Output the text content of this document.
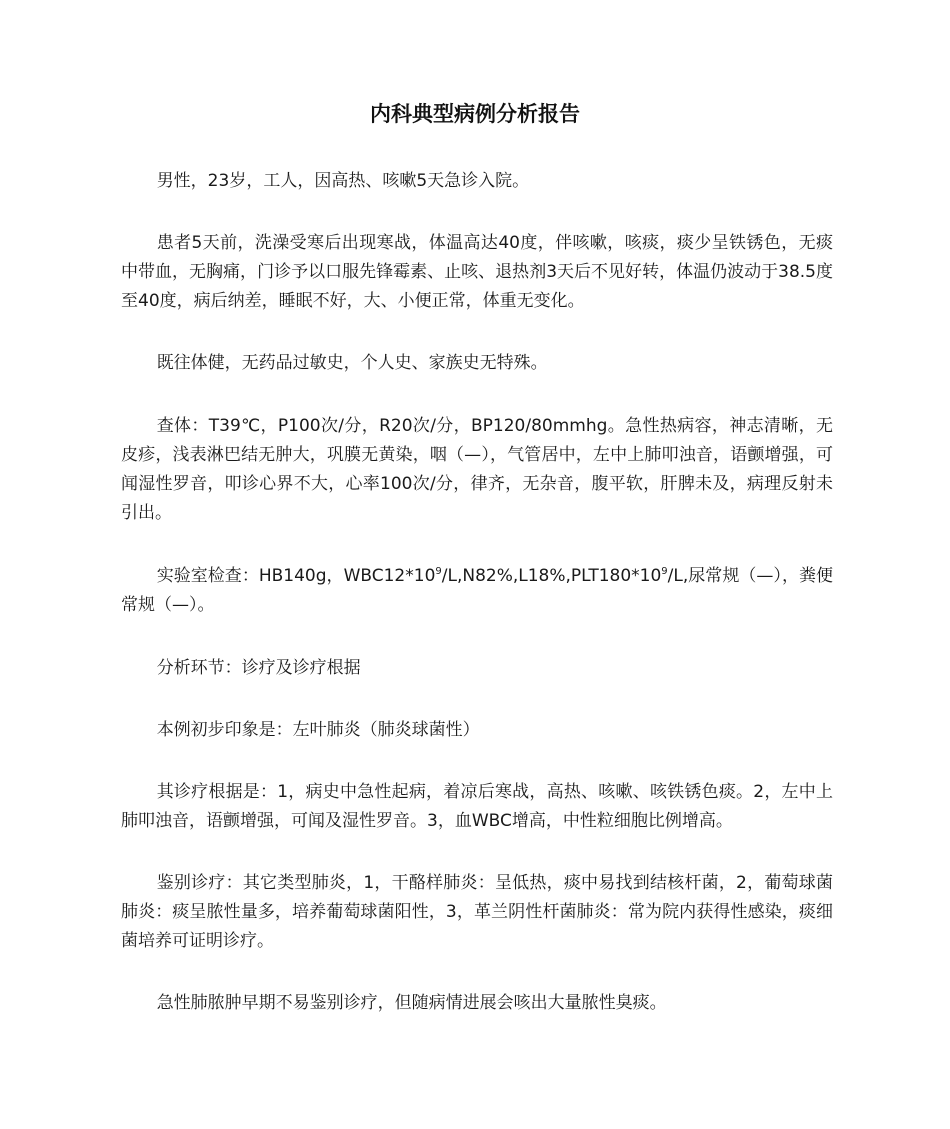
内科典型病例分析报告

男性，23岁，工人，因高热、咳嗽5天急诊入院。

患者5天前，洗澡受寒后出现寒战，体温高达40度，伴咳嗽，咳痰，痰少呈铁锈色，无痰中带血，无胸痛，门诊予以口服先锋霉素、止咳、退热剂3天后不见好转，体温仍波动于38.5度至40度，病后纳差，睡眠不好，大、小便正常，体重无变化。

既往体健，无药品过敏史，个人史、家族史无特殊。

查体：T39℃，P100次/分，R20次/分，BP120/80mmhg。急性热病容，神志清晰，无皮疹，浅表淋巴结无肿大，巩膜无黄染，咽（—），气管居中，左中上肺叩浊音，语颤增强，可闻湿性罗音，叩诊心界不大，心率100次/分，律齐，无杂音，腹平软，肝脾未及，病理反射未引出。

实验室检查：HB140g，$WBC12*10^9/L,N82\%,L18\%,PLT180*10^9/L$,尿常规（—），粪便常规（—）。

分析环节：诊疗及诊疗根据

本例初步印象是：左叶肺炎（肺炎球菌性）

其诊疗根据是：1，病史中急性起病，着凉后寒战，高热、咳嗽、咳铁锈色痰。2，左中上肺叩浊音，语颤增强，可闻及湿性罗音。3，血WBC增高，中性粒细胞比例增高。

鉴别诊疗：其它类型肺炎，1，干酪样肺炎：呈低热，痰中易找到结核杆菌，2，葡萄球菌肺炎：痰呈脓性量多，培养葡萄球菌阳性，3，革兰阴性杆菌肺炎：常为院内获得性感染，痰细菌培养可证明诊疗。

急性肺脓肿早期不易鉴别诊疗，但随病情进展会咳出大量脓性臭痰。
